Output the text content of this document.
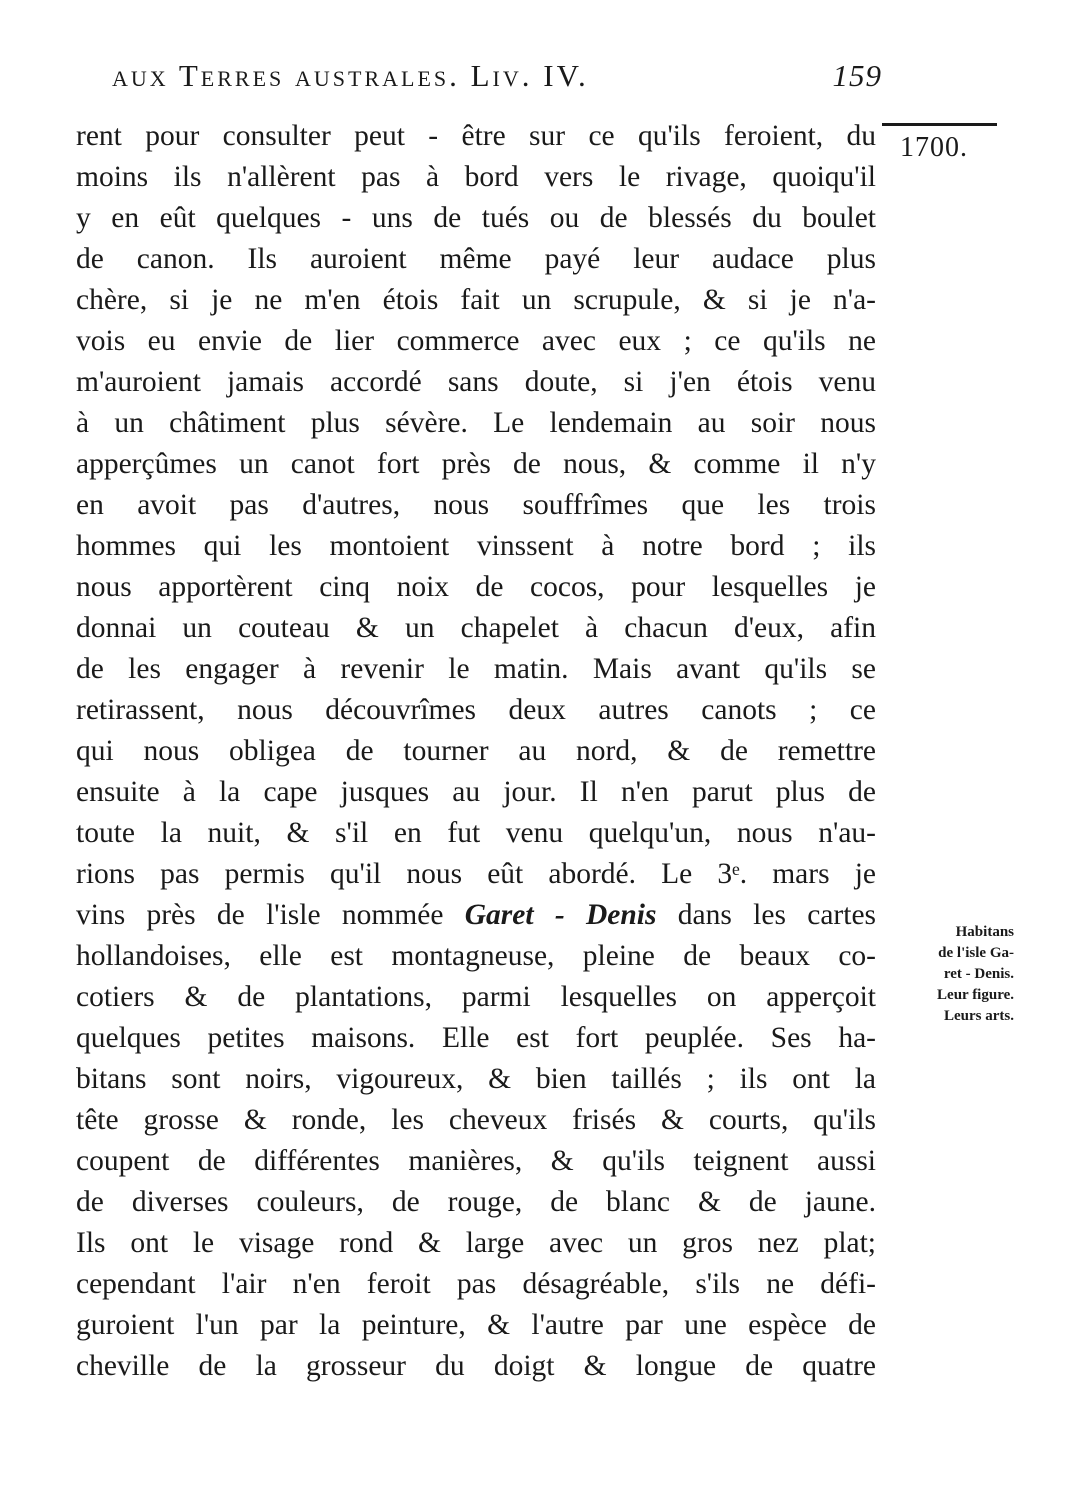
aux Terres australes. Liv. IV.	159
1700.
rent pour consulter peut - être sur ce qu'ils feroient, du
moins ils n'allèrent pas à bord vers le rivage, quoiqu'il
y en eût quelques - uns de tués ou de blessés du boulet
de canon. Ils auroient même payé leur audace plus
chère, si je ne m'en étois fait un scrupule, & si je n'a-
vois eu envie de lier commerce avec eux ; ce qu'ils ne
m'auroient jamais accordé sans doute, si j'en étois venu
à un châtiment plus sévère. Le lendemain au soir nous
apperçûmes un canot fort près de nous, & comme il n'y
en avoit pas d'autres, nous souffrîmes que les trois
hommes qui les montoient vinssent à notre bord ; ils
nous apportèrent cinq noix de cocos, pour lesquelles je
donnai un couteau & un chapelet à chacun d'eux, afin
de les engager à revenir le matin. Mais avant qu'ils se
retirassent, nous découvrîmes deux autres canots ; ce
qui nous obligea de tourner au nord, & de remettre
ensuite à la cape jusques au jour. Il n'en parut plus de
toute la nuit, & s'il en fut venu quelqu'un, nous n'au-
rions pas permis qu'il nous eût abordé. Le 3ᵉ. mars je
vins près de l'isle nommée Garet - Denis dans les cartes
hollandoises, elle est montagneuse, pleine de beaux co-
cotiers & de plantations, parmi lesquelles on apperçoit
quelques petites maisons. Elle est fort peuplée. Ses ha-
bitans sont noirs, vigoureux, & bien taillés ; ils ont la
tête grosse & ronde, les cheveux frisés & courts, qu'ils
coupent de différentes manières, & qu'ils teignent aussi
de diverses couleurs, de rouge, de blanc & de jaune.
Ils ont le visage rond & large avec un gros nez plat;
cependant l'air n'en feroit pas désagréable, s'ils ne défi-
guroient l'un par la peinture, & l'autre par une espèce de
cheville de la grosseur du doigt & longue de quatre
Habitans
de l'isle Ga-
ret - Denis.
Leur figure.
Leurs arts.
